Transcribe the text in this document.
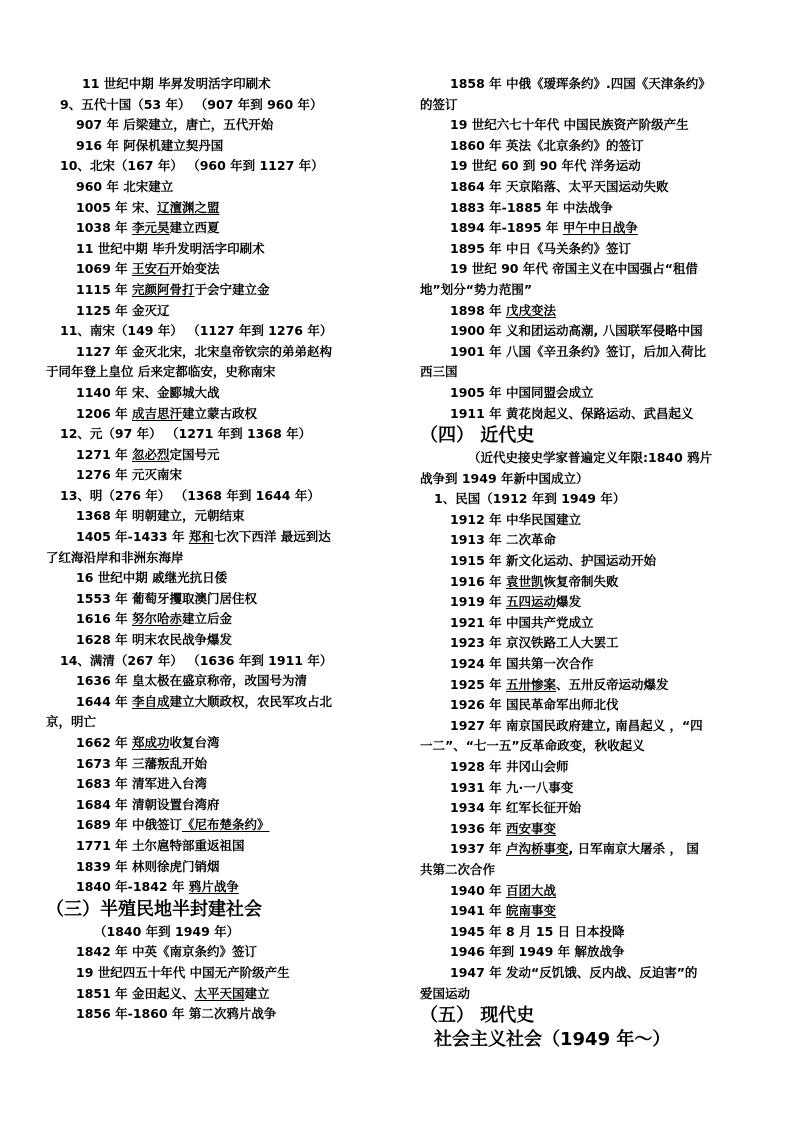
11 世纪中期 毕昇发明活字印刷术
9、五代十国（53 年） （907 年到 960 年）
907 年 后梁建立，唐亡，五代开始
916 年 阿保机建立契丹国
10、北宋（167 年） （960 年到 1127 年）
960 年 北宋建立
1005 年 宋、辽澶渊之盟
1038 年 李元昊建立西夏
11 世纪中期 毕升发明活字印刷术
1069 年 王安石开始变法
1115 年 完颜阿骨打于会宁建立金
1125 年 金灭辽
11、南宋（149 年） （1127 年到 1276 年）
1127 年 金灭北宋，北宋皇帝钦宗的弟弟赵构
于同年登上皇位 后来定都临安，史称南宋
1140 年 宋、金郾城大战
1206 年 成吉思汗建立蒙古政权
12、元（97 年） （1271 年到 1368 年）
1271 年 忽必烈定国号元
1276 年 元灭南宋
13、明（276 年） （1368 年到 1644 年）
1368 年 明朝建立，元朝结束
1405 年-1433 年 郑和七次下西洋 最远到达
了红海沿岸和非洲东海岸
16 世纪中期 戚继光抗日倭
1553 年 葡萄牙攫取澳门居住权
1616 年 努尔哈赤建立后金
1628 年 明末农民战争爆发
14、满清（267 年） （1636 年到 1911 年）
1636 年 皇太极在盛京称帝，改国号为清
1644 年 李自成建立大顺政权，农民军攻占北
京，明亡
1662 年 郑成功收复台湾
1673 年 三藩叛乱开始
1683 年 清军进入台湾
1684 年 清朝设置台湾府
1689 年 中俄签订《尼布楚条约》
1771 年 土尔扈特部重返祖国
1839 年 林则徐虎门销烟
1840 年-1842 年 鸦片战争
（三）半殖民地半封建社会
（1840 年到 1949 年）
1842 年 中英《南京条约》签订
19 世纪四五十年代 中国无产阶级产生
1851 年 金田起义、太平天国建立
1856 年-1860 年 第二次鸦片战争
1858 年 中俄《瑷珲条约》.四国《天津条约》
的签订
19 世纪六七十年代 中国民族资产阶级产生
1860 年 英法《北京条约》的签订
19 世纪 60 到 90 年代 洋务运动
1864 年 天京陷落、太平天国运动失败
1883 年-1885 年 中法战争
1894 年-1895 年 甲午中日战争
1895 年 中日《马关条约》签订
19 世纪 90 年代 帝国主义在中国强占“租借
地”划分“势力范围”
1898 年 戊戌变法
1900 年 义和团运动高潮, 八国联军侵略中国
1901 年 八国《辛丑条约》签订，后加入荷比
西三国
1905 年 中国同盟会成立
1911 年 黄花岗起义、保路运动、武昌起义
（四） 近代史
（近代史接史学家普遍定义年限:1840 鸦片
战争到 1949 年新中国成立）
1、民国（1912 年到 1949 年）
1912 年 中华民国建立
1913 年 二次革命
1915 年 新文化运动、护国运动开始
1916 年 袁世凯恢复帝制失败
1919 年 五四运动爆发
1921 年 中国共产党成立
1923 年 京汉铁路工人大罢工
1924 年 国共第一次合作
1925 年 五卅惨案、五卅反帝运动爆发
1926 年 国民革命军出师北伐
1927 年 南京国民政府建立, 南昌起义 ，“四
一二”、“七一五”反革命政变，秋收起义
1928 年 井冈山会师
1931 年 九·一八事变
1934 年 红军长征开始
1936 年 西安事变
1937 年 卢沟桥事变, 日军南京大屠杀 ， 国
共第二次合作
1940 年 百团大战
1941 年 皖南事变
1945 年 8 月 15 日 日本投降
1946 年到 1949 年 解放战争
1947 年 发动“反饥饿、反内战、反迫害”的
爱国运动
（五） 现代史
社会主义社会（1949 年～）
